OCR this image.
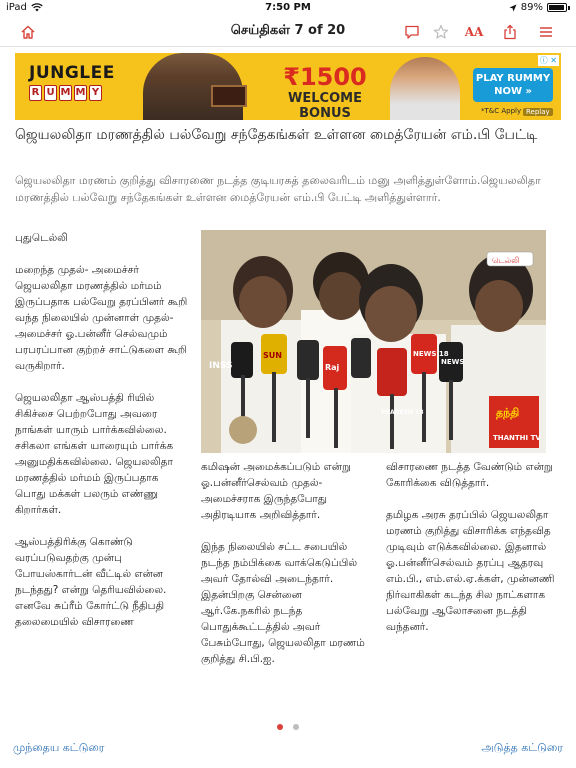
iPad	7:50 PM	89%
செய்திகள் 7 of 20	AA
JUNGLEE
R U M M Y
₹1500
WELCOME BONUS
PLAY RUMMY
NOW »
*T&C Apply Replay
ⓘ ✕
ஜெயலலிதா மரணத்தில் பல்வேறு சந்தேகங்கள் உள்ளன மைத்ரேயன் எம்.பி பேட்டி
ஜெயலலிதா மரணம் குறித்து விசாரணை நடத்த குடியரசுத் தலைவரிடம் மனு அளித்துள்ளோம்.ஜெயலலிதா மரணத்தில் பல்வேறு சந்தேகங்கள் உள்ளன மைத்ரேயன் எம்.பி பேட்டி அளித்துள்ளார்.
புதுடெல்லி

மறைந்த முதல்- அமைச்சர் ஜெயலலிதா மரணத்தில் மர்மம் இருப்பதாக பல்வேறு தரப்பினர் கூறி வந்த நிலையில் முன்னாள் முதல்-அமைச்சர் ஓ.பன்னீர் செல்வமும் பரபரப்பான குற்றச் சாட்டுகளை கூறி வருகிறார்.

ஜெயலலிதா ஆஸ்பத்தி ரியில் சிகிச்சை பெற்றபோது அவரை நாங்கள் யாரும் பார்க்கவில்லை. சசிகலா எங்கள் யாரையும் பார்க்க அனுமதிக்கவில்லை. ஜெயலலிதா மரணத்தில் மர்மம் இருப்பதாக பொது மக்கள் பலரும் எண்ணு கிறார்கள்.

ஆஸ்பத்திரிக்கு கொண்டு வரப்படுவதற்கு முன்பு போயஸ்கார்டன் வீட்டில் என்ன நடந்தது? என்று தெரியவில்லை. எனவே சுப்ரீம் கோர்ட்டு நீதிபதி தலைமையில் விசாரணை
INSS
SUN
Raj
PRADESH 18
NEWS 18
NEWS
டெல்லி
தந்தி
THANTHI TV
கமிஷன் அமைக்கப்படும் என்று ஓ.பன்னீர்செல்வம் முதல்-அமைச்சராக இருந்தபோது அதிரடியாக அறிவித்தார்.

இந்த நிலையில் சட்ட சபையில் நடந்த நம்பிக்கை வாக்கெடுப்பில் அவர் தோல்வி அடைந்தார். இதன்பிறகு சென்னை ஆர்.கே.நகரில் நடந்த பொதுக்கூட்டத்தில் அவர் பேசும்போது, ஜெயலலிதா மரணம் குறித்து சி.பி.ஐ.
விசாரணை நடத்த வேண்டும் என்று கோரிக்கை விடுத்தார்.

தமிழக அரசு தரப்பில் ஜெயலலிதா மரணம் குறித்து விசாரிக்க எந்தவித முடிவும் எடுக்கவில்லை. இதனால் ஓ.பன்னீர்செல்வம் தரப்பு ஆதரவு எம்.பி., எம்.எல்.ஏ.க்கள், முன்னணி நிர்வாகிகள் கடந்த சில நாட்களாக பல்வேறு ஆலோசனை நடத்தி வந்தனர்.

முந்தைய கட்டுரை	அடுத்த கட்டுரை
